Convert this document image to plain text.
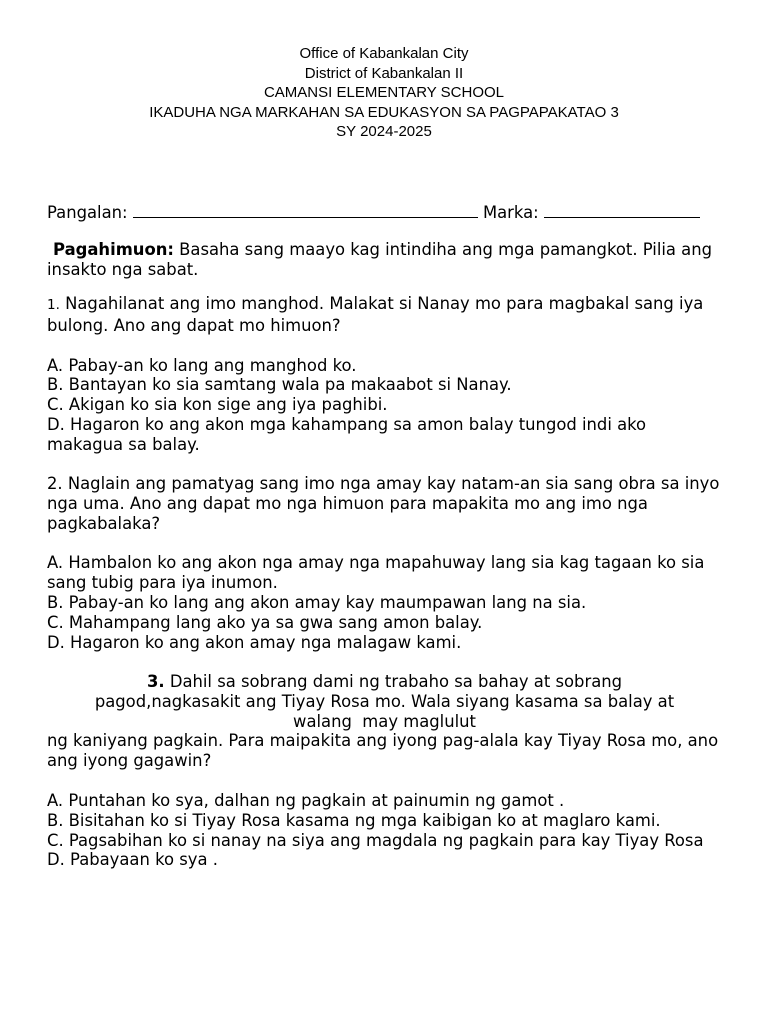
Office of Kabankalan City
District of Kabankalan II
CAMANSI ELEMENTARY SCHOOL
IKADUHA NGA MARKAHAN SA EDUKASYON SA PAGPAPAKATAO 3
SY 2024-2025
Pangalan:	Marka:
Pagahimuon: Basaha sang maayo kag intindiha ang mga pamangkot. Pilia ang insakto nga sabat.

1. Nagahilanat ang imo manghod. Malakat si Nanay mo para magbakal sang iya bulong. Ano ang dapat mo himuon?

A. Pabay-an ko lang ang manghod ko.

B. Bantayan ko sia samtang wala pa makaabot si Nanay.

C. Akigan ko sia kon sige ang iya paghibi.

D. Hagaron ko ang akon mga kahampang sa amon balay tungod indi ako makagua sa balay.

2. Naglain ang pamatyag sang imo nga amay kay natam-an sia sang obra sa inyo nga uma. Ano ang dapat mo nga himuon para mapakita mo ang imo nga pagkabalaka?

A. Hambalon ko ang akon nga amay nga mapahuway lang sia kag tagaan ko sia sang tubig para iya inumon.

B. Pabay-an ko lang ang akon amay kay maumpawan lang na sia.

C. Mahampang lang ako ya sa gwa sang amon balay.

D. Hagaron ko ang akon amay nga malagaw kami.

3. Dahil sa sobrang dami ng trabaho sa bahay at sobrang

pagod,nagkasakit ang Tiyay Rosa mo. Wala siyang kasama sa balay at

walang  may maglulut

ng kaniyang pagkain. Para maipakita ang iyong pag-alala kay Tiyay Rosa mo, ano ang iyong gagawin?

A. Puntahan ko sya, dalhan ng pagkain at painumin ng gamot .

B. Bisitahan ko si Tiyay Rosa kasama ng mga kaibigan ko at maglaro kami.

C. Pagsabihan ko si nanay na siya ang magdala ng pagkain para kay Tiyay Rosa

D. Pabayaan ko sya .
